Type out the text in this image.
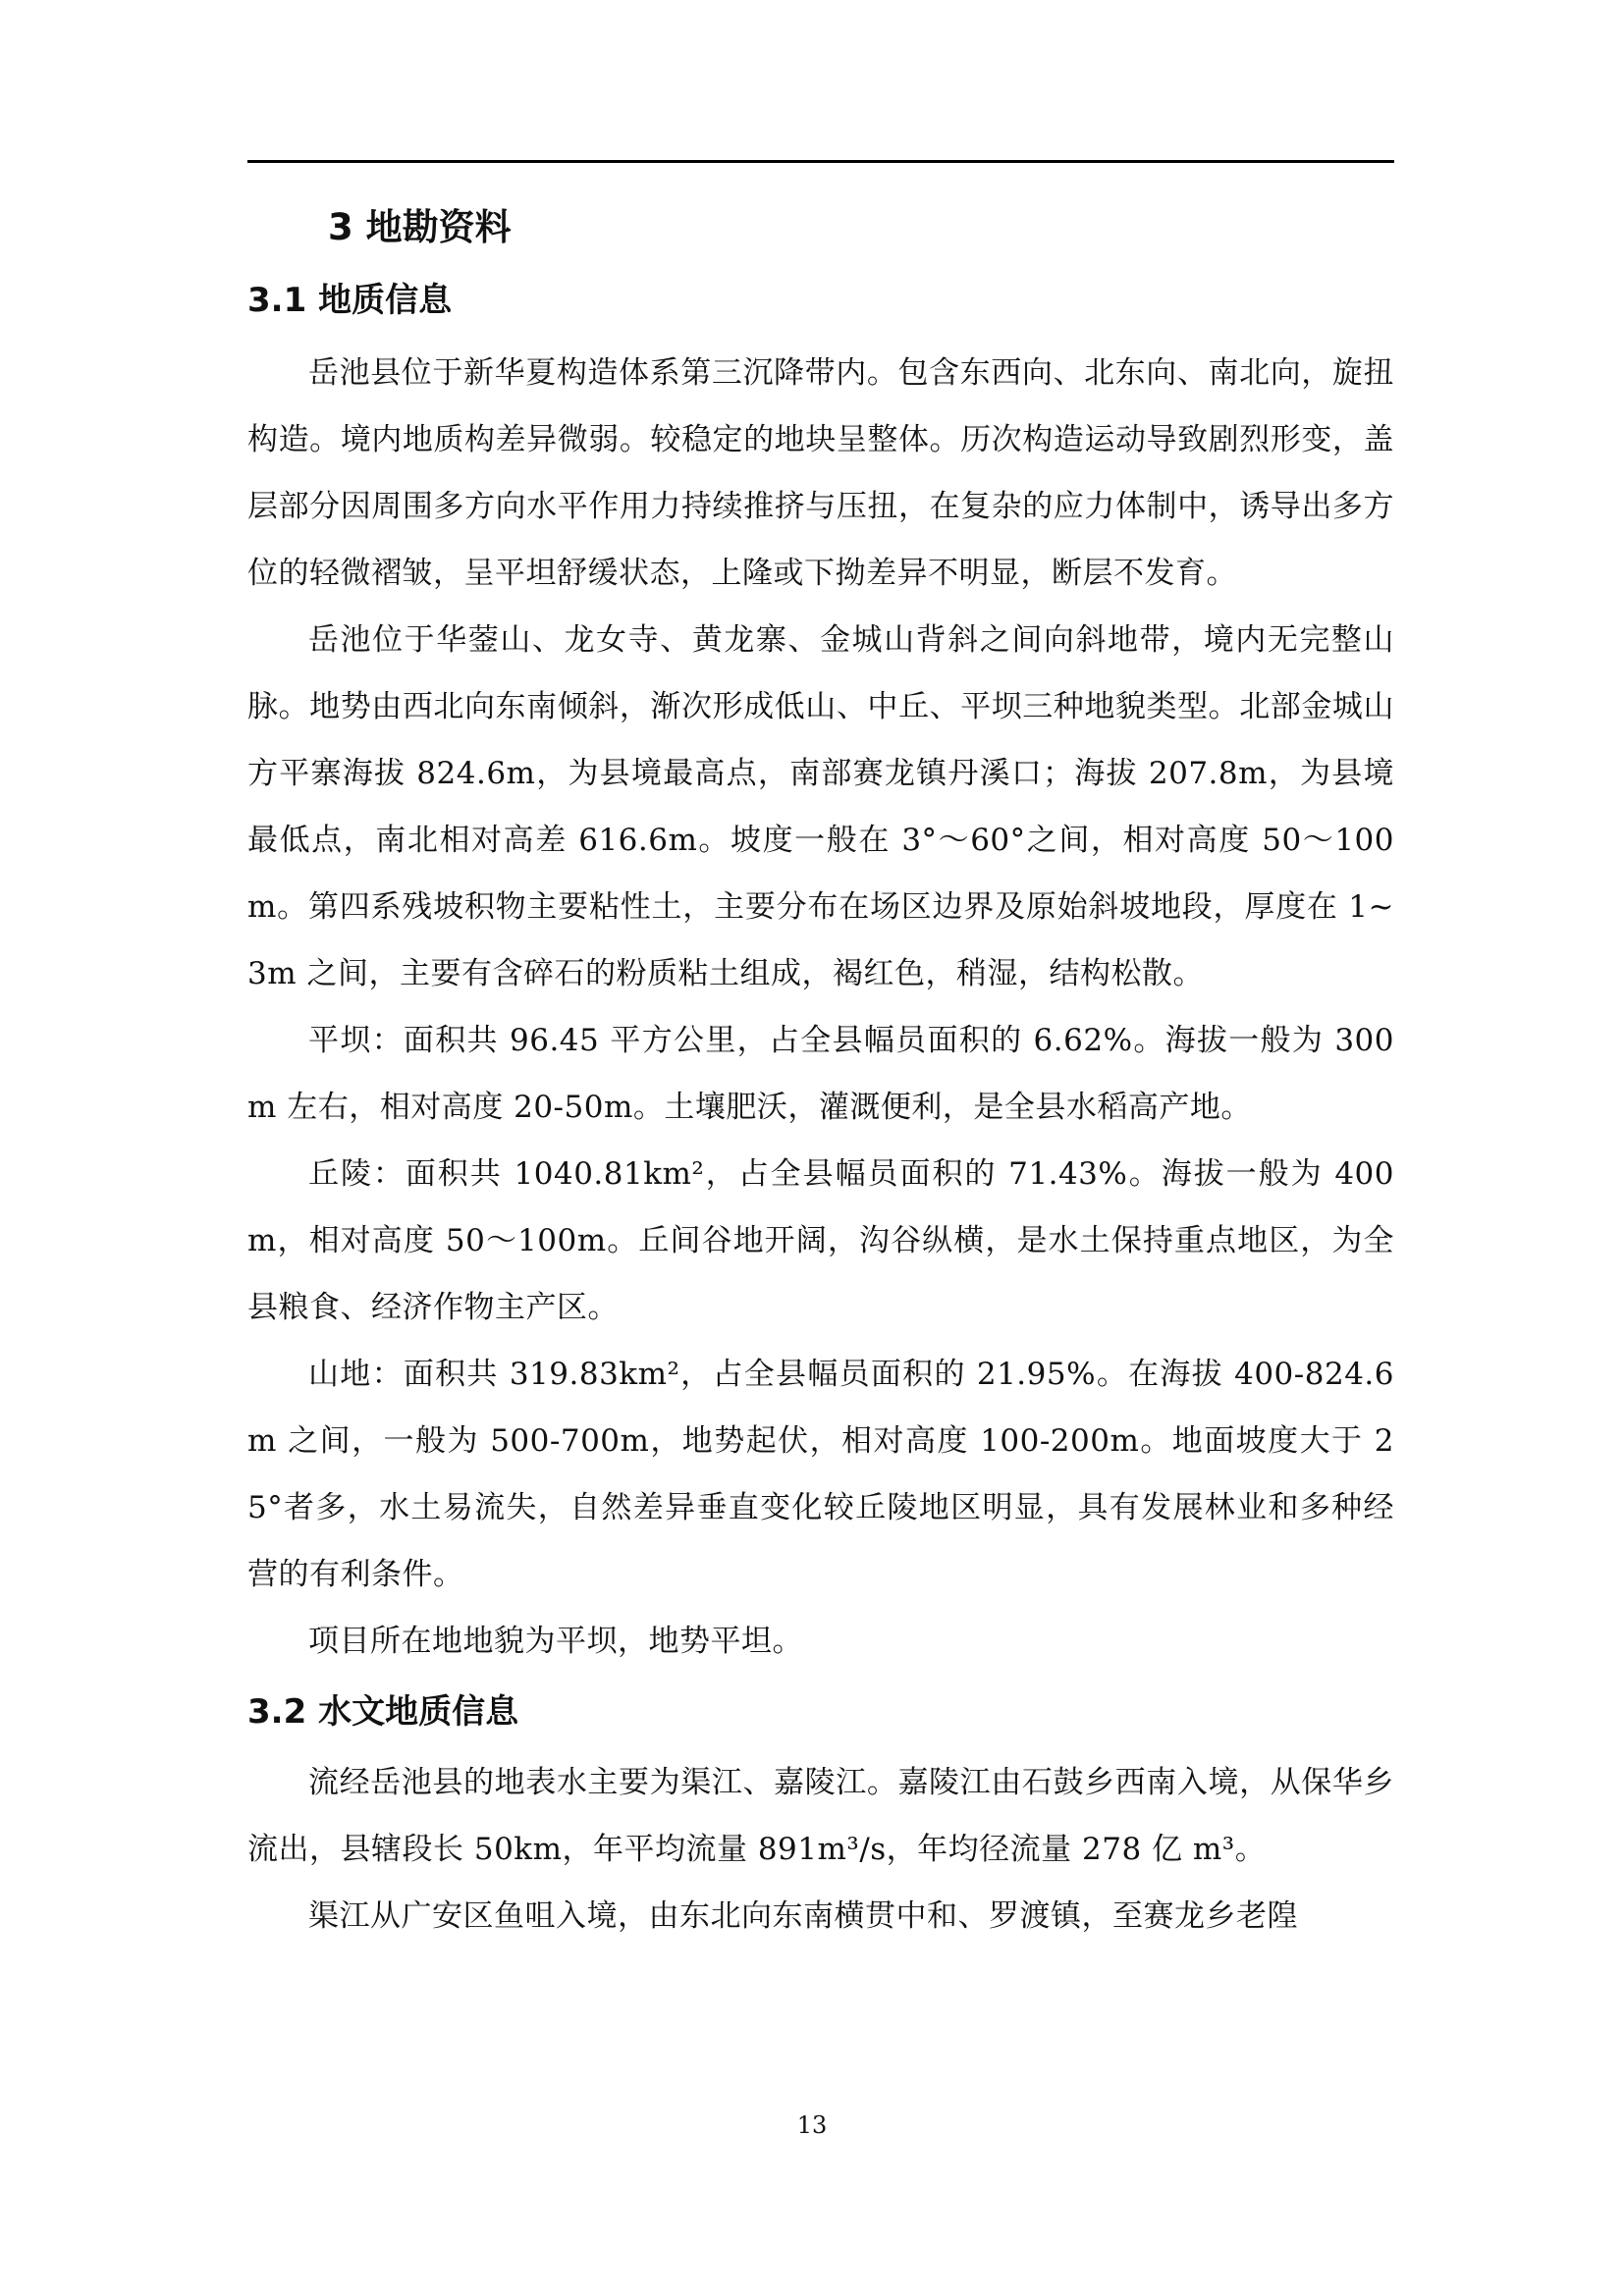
3 地勘资料
3.1 地质信息

岳池县位于新华夏构造体系第三沉降带内。包含东西向、北东向、南北向，旋扭构造。境内地质构差异微弱。较稳定的地块呈整体。历次构造运动导致剧烈形变，盖层部分因周围多方向水平作用力持续推挤与压扭，在复杂的应力体制中，诱导出多方位的轻微褶皱，呈平坦舒缓状态，上隆或下拗差异不明显，断层不发育。

岳池位于华蓥山、龙女寺、黄龙寨、金城山背斜之间向斜地带，境内无完整山脉。地势由西北向东南倾斜，渐次形成低山、中丘、平坝三种地貌类型。北部金城山方平寨海拔 824.6m，为县境最高点，南部赛龙镇丹溪口；海拔 207.8m，为县境最低点，南北相对高差 616.6m。坡度一般在 3°～60°之间，相对高度 50～100m。第四系残坡积物主要粘性土，主要分布在场区边界及原始斜坡地段，厚度在 1~3m 之间，主要有含碎石的粉质粘土组成，褐红色，稍湿，结构松散。

平坝：面积共 96.45 平方公里，占全县幅员面积的 6.62%。海拔一般为 300m 左右，相对高度 20-50m。土壤肥沃，灌溉便利，是全县水稻高产地。

丘陵：面积共 1040.81km²，占全县幅员面积的 71.43%。海拔一般为 400m，相对高度 50～100m。丘间谷地开阔，沟谷纵横，是水土保持重点地区，为全县粮食、经济作物主产区。

山地：面积共 319.83km²，占全县幅员面积的 21.95%。在海拔 400-824.6m 之间，一般为 500-700m，地势起伏，相对高度 100-200m。地面坡度大于 25°者多，水土易流失，自然差异垂直变化较丘陵地区明显，具有发展林业和多种经营的有利条件。

项目所在地地貌为平坝，地势平坦。

3.2 水文地质信息

流经岳池县的地表水主要为渠江、嘉陵江。嘉陵江由石鼓乡西南入境，从保华乡流出，县辖段长 50km，年平均流量 891m³/s，年均径流量 278 亿 m³。

渠江从广安区鱼咀入境，由东北向东南横贯中和、罗渡镇，至赛龙乡老隍

13
